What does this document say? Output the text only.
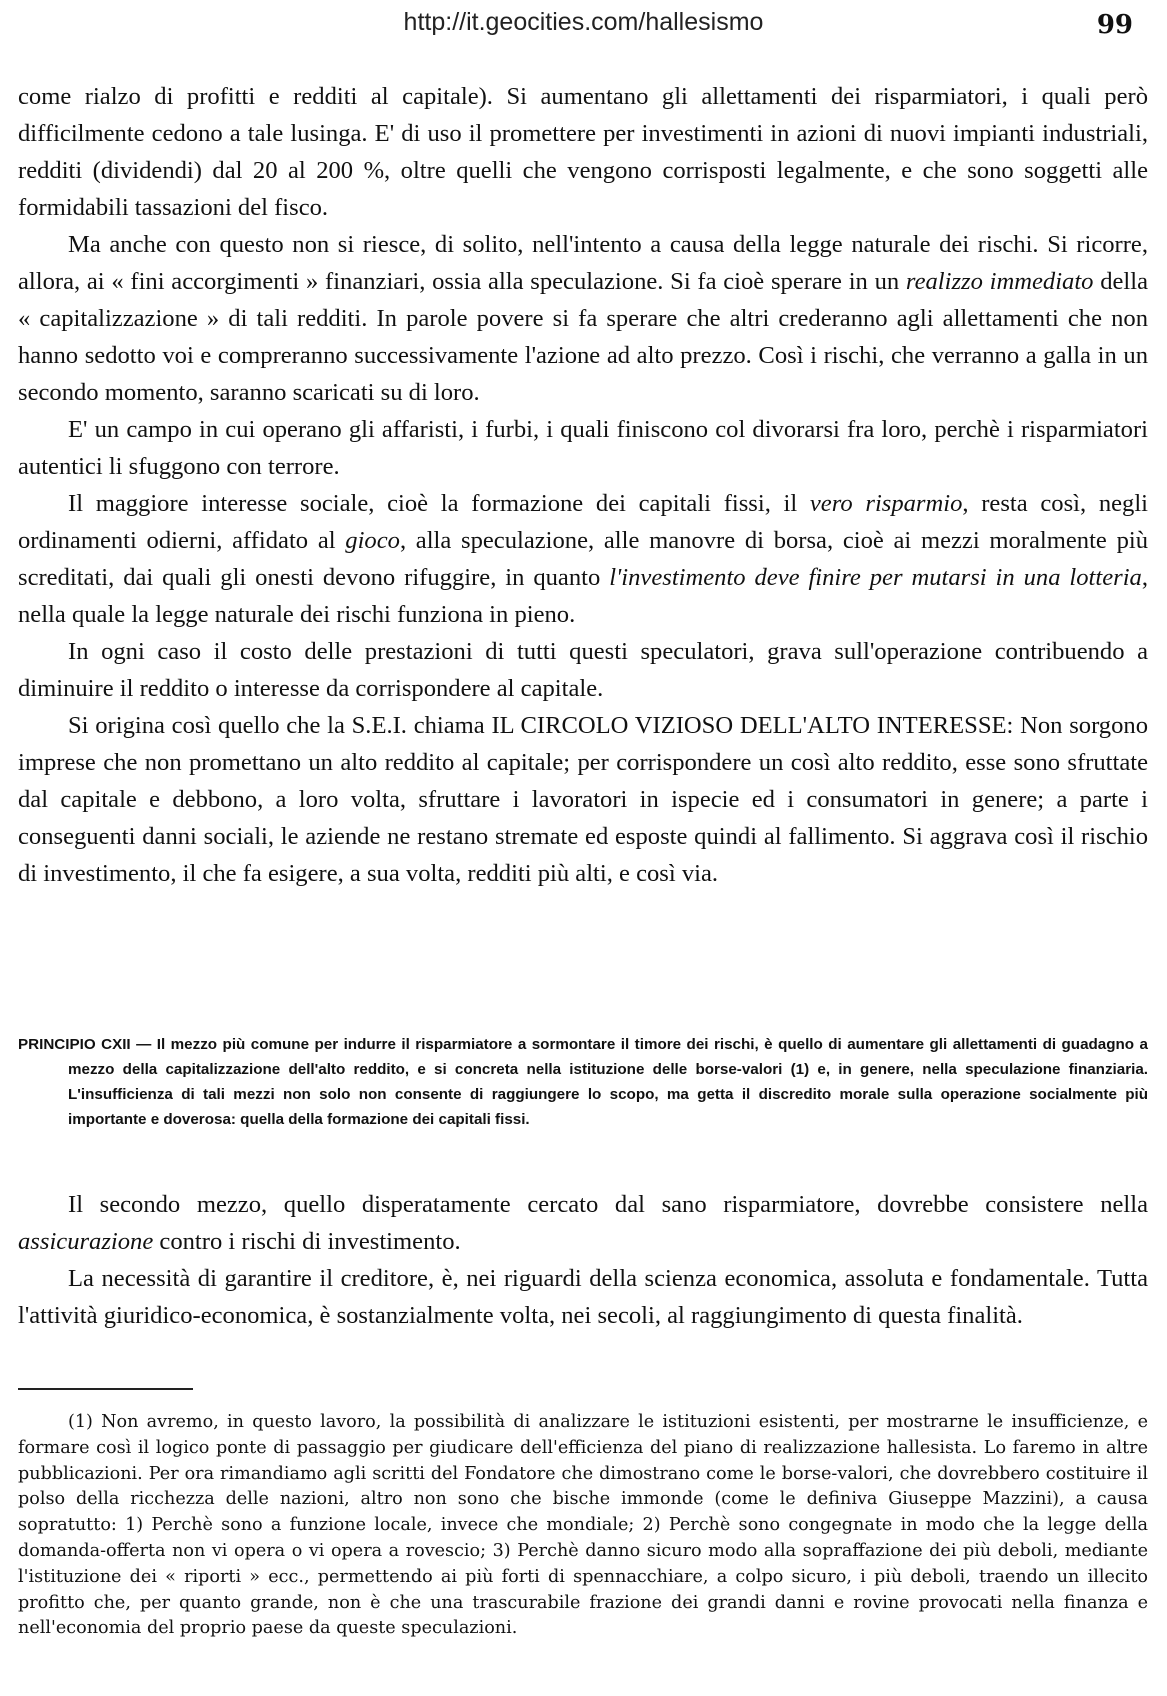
http://it.geocities.com/hallesismo	99

come rialzo di profitti e redditi al capitale). Si aumentano gli allettamenti dei risparmiatori, i quali però difficilmente cedono a tale lusinga. E' di uso il promettere per investimenti in azioni di nuovi impianti industriali, redditi (dividendi) dal 20 al 200 %, oltre quelli che vengono corrisposti legalmente, e che sono soggetti alle formidabili tassazioni del fisco.

Ma anche con questo non si riesce, di solito, nell'intento a causa della legge naturale dei rischi. Si ricorre, allora, ai « fini accorgimenti » finanziari, ossia alla speculazione. Si fa cioè sperare in un realizzo immediato della « capitalizzazione » di tali redditi. In parole povere si fa sperare che altri crederanno agli allettamenti che non hanno sedotto voi e compreranno successivamente l'azione ad alto prezzo. Così i rischi, che verranno a galla in un secondo momento, saranno scaricati su di loro.

E' un campo in cui operano gli affaristi, i furbi, i quali finiscono col divorarsi fra loro, perchè i risparmiatori autentici li sfuggono con terrore.

Il maggiore interesse sociale, cioè la formazione dei capitali fissi, il vero risparmio, resta così, negli ordinamenti odierni, affidato al gioco, alla speculazione, alle manovre di borsa, cioè ai mezzi moralmente più screditati, dai quali gli onesti devono rifuggire, in quanto l'investimento deve finire per mutarsi in una lotteria, nella quale la legge naturale dei rischi funziona in pieno.

In ogni caso il costo delle prestazioni di tutti questi speculatori, grava sull'operazione contribuendo a diminuire il reddito o interesse da corrispondere al capitale.

Si origina così quello che la S.E.I. chiama IL CIRCOLO VIZIOSO DELL'ALTO INTERESSE: Non sorgono imprese che non promettano un alto reddito al capitale; per corrispondere un così alto reddito, esse sono sfruttate dal capitale e debbono, a loro volta, sfruttare i lavoratori in ispecie ed i consumatori in genere; a parte i conseguenti danni sociali, le aziende ne restano stremate ed esposte quindi al fallimento. Si aggrava così il rischio di investimento, il che fa esigere, a sua volta, redditi più alti, e così via.

PRINCIPIO CXII — Il mezzo più comune per indurre il risparmiatore a sormontare il timore dei rischi, è quello di aumentare gli allettamenti di guadagno a mezzo della capitalizzazione dell'alto reddito, e si concreta nella istituzione delle borse-valori (1) e, in genere, nella speculazione finanziaria. L'insufficienza di tali mezzi non solo non consente di raggiungere lo scopo, ma getta il discredito morale sulla operazione socialmente più importante e doverosa: quella della formazione dei capitali fissi.

Il secondo mezzo, quello disperatamente cercato dal sano risparmiatore, dovrebbe consistere nella assicurazione contro i rischi di investimento.

La necessità di garantire il creditore, è, nei riguardi della scienza economica, assoluta e fondamentale. Tutta l'attività giuridico-economica, è sostanzialmente volta, nei secoli, al raggiungimento di questa finalità.

(1) Non avremo, in questo lavoro, la possibilità di analizzare le istituzioni esistenti, per mostrarne le insufficienze, e formare così il logico ponte di passaggio per giudicare dell'efficienza del piano di realizzazione hallesista. Lo faremo in altre pubblicazioni. Per ora rimandiamo agli scritti del Fondatore che dimostrano come le borse-valori, che dovrebbero costituire il polso della ricchezza delle nazioni, altro non sono che bische immonde (come le definiva Giuseppe Mazzini), a causa sopratutto: 1) Perchè sono a funzione locale, invece che mondiale; 2) Perchè sono congegnate in modo che la legge della domanda-offerta non vi opera o vi opera a rovescio; 3) Perchè danno sicuro modo alla sopraffazione dei più deboli, mediante l'istituzione dei « riporti » ecc., permettendo ai più forti di spennacchiare, a colpo sicuro, i più deboli, traendo un illecito profitto che, per quanto grande, non è che una trascurabile frazione dei grandi danni e rovine provocati nella finanza e nell'economia del proprio paese da queste speculazioni.
